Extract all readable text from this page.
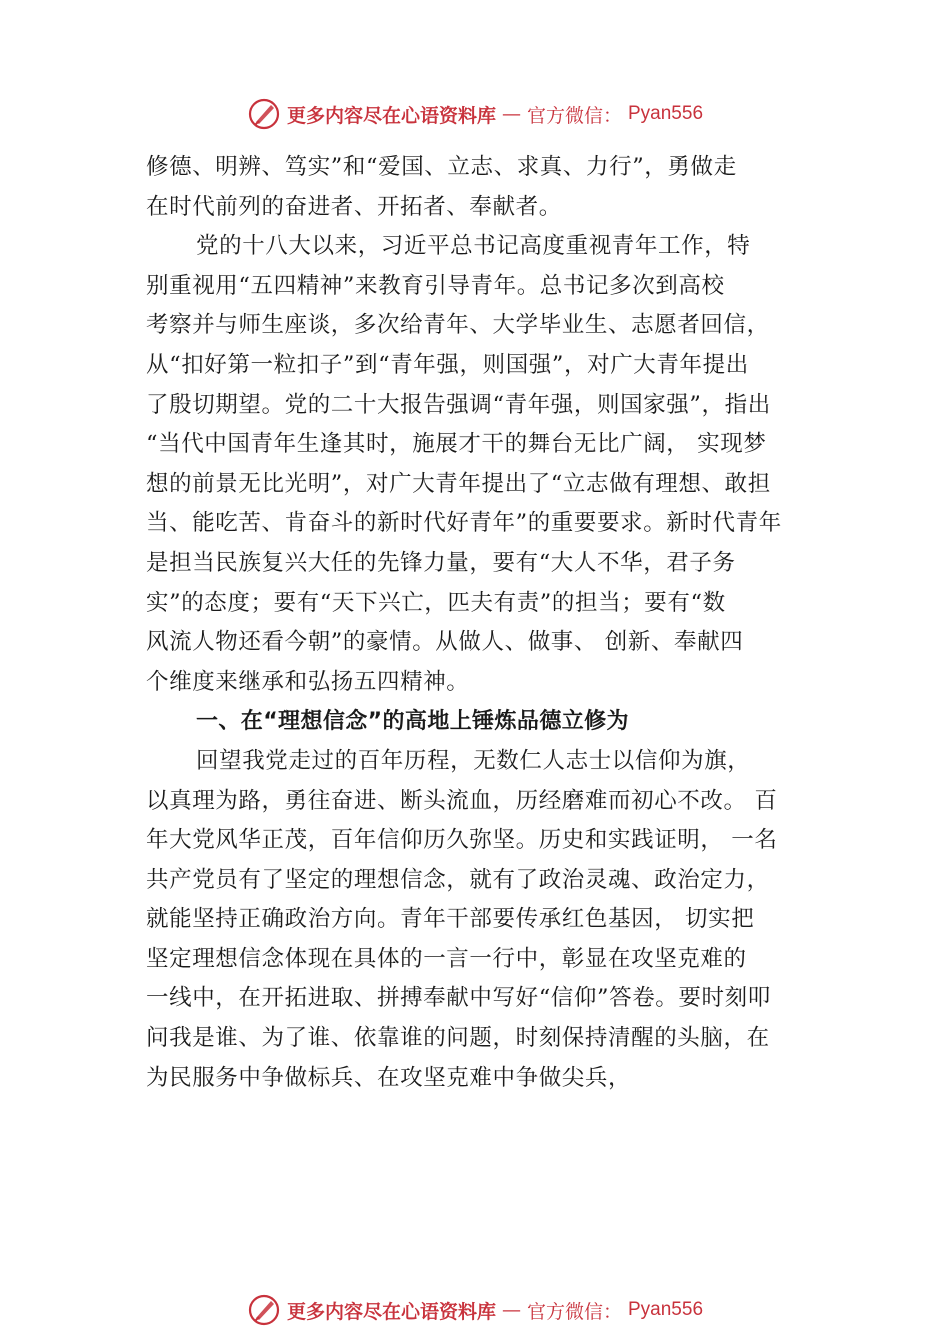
更多内容尽在心语资料库 — 官方微信： Pyan556
修德、明辨、笃实”和“爱国、立志、求真、力行”，勇做走
在时代前列的奋进者、开拓者、奉献者。
党的十八大以来，习近平总书记高度重视青年工作，特
别重视用“五四精神”来教育引导青年。总书记多次到高校
考察并与师生座谈，多次给青年、大学毕业生、志愿者回信，
从“扣好第一粒扣子”到“青年强，则国强”，对广大青年提出
了殷切期望。党的二十大报告强调“青年强，则国家强”，指出
“当代中国青年生逢其时，施展才干的舞台无比广阔， 实现梦
想的前景无比光明”，对广大青年提出了“立志做有理想、敢担
当、能吃苦、肯奋斗的新时代好青年”的重要要求。新时代青年
是担当民族复兴大任的先锋力量，要有“大人不华，君子务
实”的态度；要有“天下兴亡，匹夫有责”的担当；要有“数
风流人物还看今朝”的豪情。从做人、做事、 创新、奉献四
个维度来继承和弘扬五四精神。
一、在“理想信念”的高地上锤炼品德立修为
回望我党走过的百年历程，无数仁人志士以信仰为旗，
以真理为路，勇往奋进、断头流血，历经磨难而初心不改。 百
年大党风华正茂，百年信仰历久弥坚。历史和实践证明， 一名
共产党员有了坚定的理想信念，就有了政治灵魂、政治定力，
就能坚持正确政治方向。青年干部要传承红色基因， 切实把
坚定理想信念体现在具体的一言一行中，彰显在攻坚克难的
一线中，在开拓进取、拼搏奉献中写好“信仰”答卷。要时刻叩
问我是谁、为了谁、依靠谁的问题，时刻保持清醒的头脑，在
为民服务中争做标兵、在攻坚克难中争做尖兵，
更多内容尽在心语资料库 — 官方微信： Pyan556
